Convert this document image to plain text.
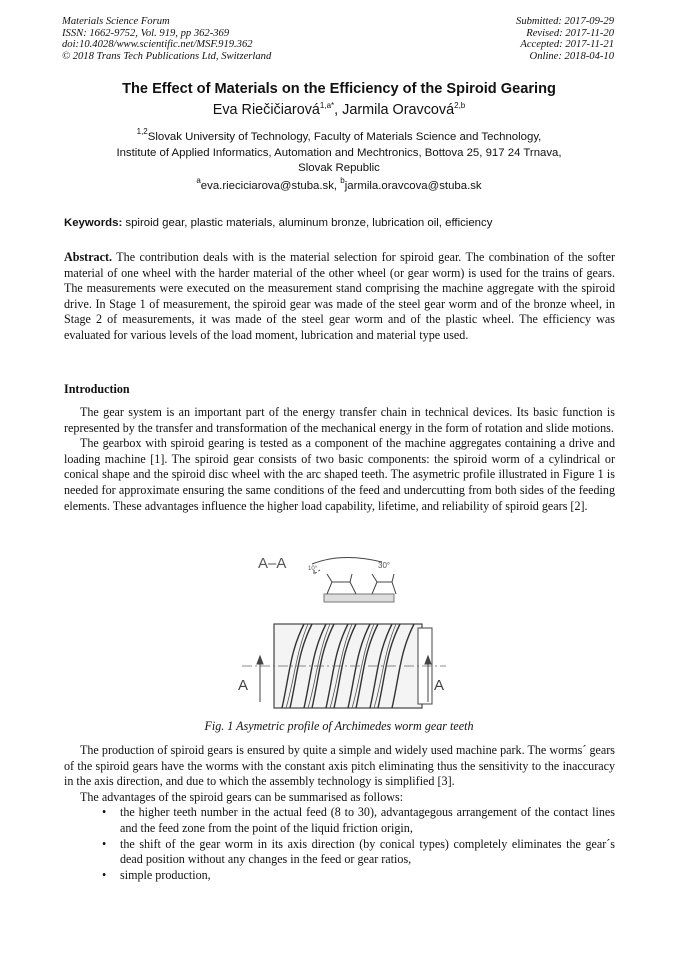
Materials Science Forum
ISSN: 1662-9752, Vol. 919, pp 362-369
doi:10.4028/www.scientific.net/MSF.919.362
© 2018 Trans Tech Publications Ltd, Switzerland
Submitted: 2017-09-29
Revised: 2017-11-20
Accepted: 2017-11-21
Online: 2018-04-10
The Effect of Materials on the Efficiency of the Spiroid Gearing
Eva Riečičiarová$^{1,a*}$, Jarmila Oravcová$^{2,b}$
$^{1,2}$Slovak University of Technology, Faculty of Materials Science and Technology,
Institute of Applied Informatics, Automation and Mechtronics, Bottova 25, 917 24 Trnava,
Slovak Republic
$^a$eva.rieciciarova@stuba.sk, $^b$jarmila.oravcova@stuba.sk
Keywords: spiroid gear, plastic materials, aluminum bronze, lubrication oil, efficiency
Abstract. The contribution deals with is the material selection for spiroid gear. The combination of the softer material of one wheel with the harder material of the other wheel (or gear worm) is used for the trains of gears. The measurements were executed on the measurement stand comprising the machine aggregate with the spiroid drive. In Stage 1 of measurement, the spiroid gear was made of the steel gear worm and of the bronze wheel, in Stage 2 of measurements, it was made of the steel gear worm and of the plastic wheel. The efficiency was evaluated for various levels of the load moment, lubrication and material type used.
Introduction

The gear system is an important part of the energy transfer chain in technical devices. Its basic function is represented by the transfer and transformation of the mechanical energy in the form of rotation and slide motions.

The gearbox with spiroid gearing is tested as a component of the machine aggregates containing a drive and loading machine [1]. The spiroid gear consists of two basic components: the spiroid worm of a cylindrical or conical shape and the spiroid disc wheel with the arc shaped teeth. The asymetric profile illustrated in Figure 1 is needed for approximate ensuring the same conditions of the feed and undercutting from both sides of the feeding elements. These advantages influence the higher load capability, lifetime, and reliability of spiroid gears [2].

A–A	10°	30°
A	A
Fig. 1 Asymetric profile of Archimedes worm gear teeth

The production of spiroid gears is ensured by quite a simple and widely used machine park. The worms´ gears of the spiroid gears have the worms with the constant axis pitch eliminating thus the sensitivity to the inaccuracy in the axis direction, and due to which the assembly technology is simplified [3].

The advantages of the spiroid gears can be summarised as follows:

• the higher teeth number in the actual feed (8 to 30), advantagegous arrangement of the contact lines and the feed zone from the point of the liquid friction origin,
• the shift of the gear worm in its axis direction (by conical types) completely eliminates the gear´s dead position without any changes in the feed or gear ratios,
• simple production,
